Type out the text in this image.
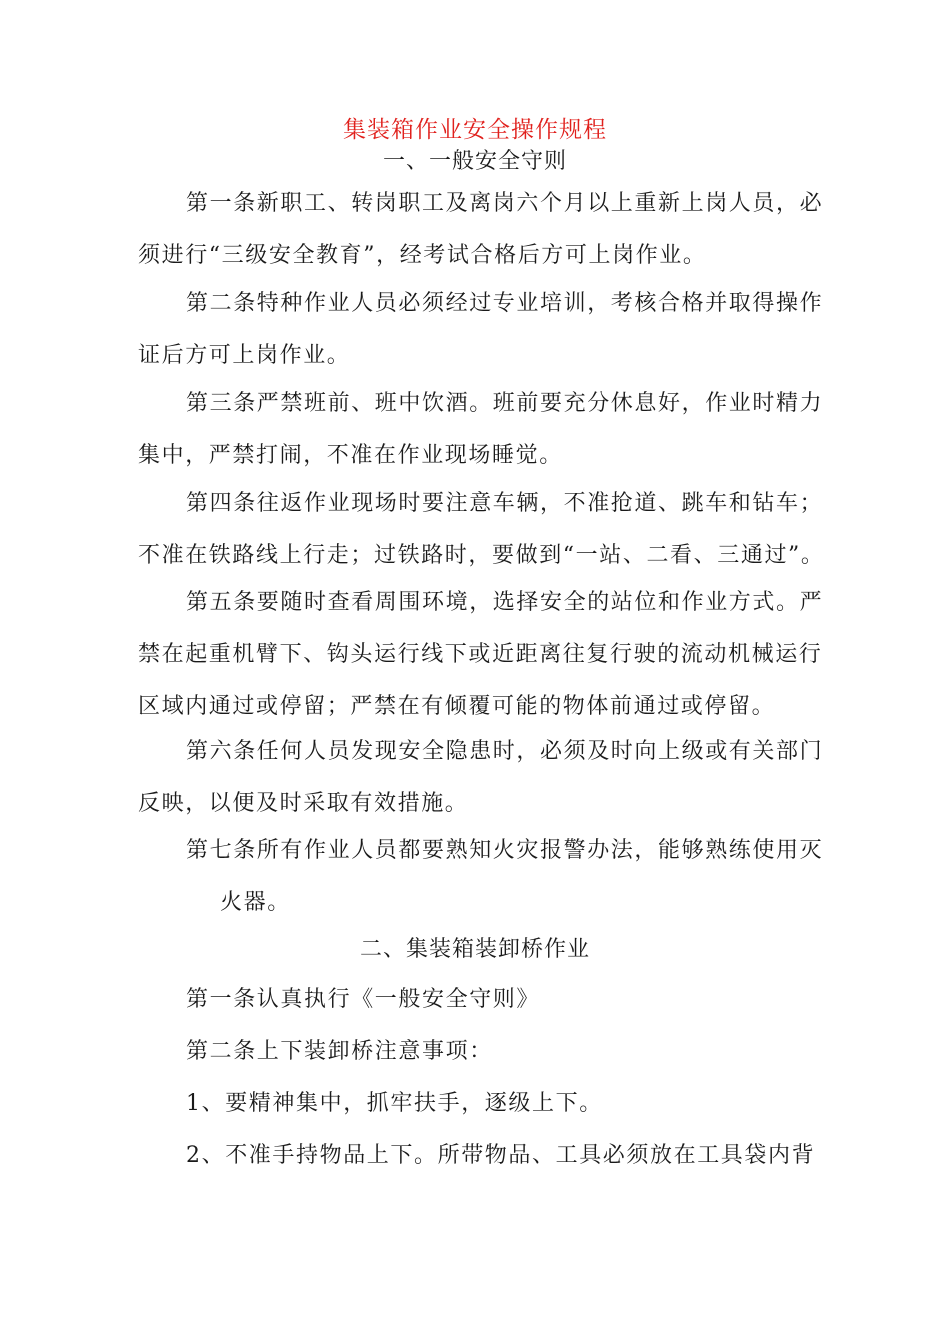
集装箱作业安全操作规程
一、一般安全守则

第一条新职工、转岗职工及离岗六个月以上重新上岗人员，必须进行“三级安全教育”，经考试合格后方可上岗作业。

第二条特种作业人员必须经过专业培训，考核合格并取得操作证后方可上岗作业。

第三条严禁班前、班中饮酒。班前要充分休息好，作业时精力集中，严禁打闹，不准在作业现场睡觉。

第四条往返作业现场时要注意车辆，不准抢道、跳车和钻车；不准在铁路线上行走；过铁路时，要做到“一站、二看、三通过”。

第五条要随时查看周围环境，选择安全的站位和作业方式。严禁在起重机臂下、钩头运行线下或近距离往复行驶的流动机械运行区域内通过或停留；严禁在有倾覆可能的物体前通过或停留。

第六条任何人员发现安全隐患时，必须及时向上级或有关部门反映，以便及时采取有效措施。

第七条所有作业人员都要熟知火灾报警办法，能够熟练使用灭
火器。

二、集装箱装卸桥作业

第一条认真执行《一般安全守则》

第二条上下装卸桥注意事项：

1、要精神集中，抓牢扶手，逐级上下。

2、不准手持物品上下。所带物品、工具必须放在工具袋内背
